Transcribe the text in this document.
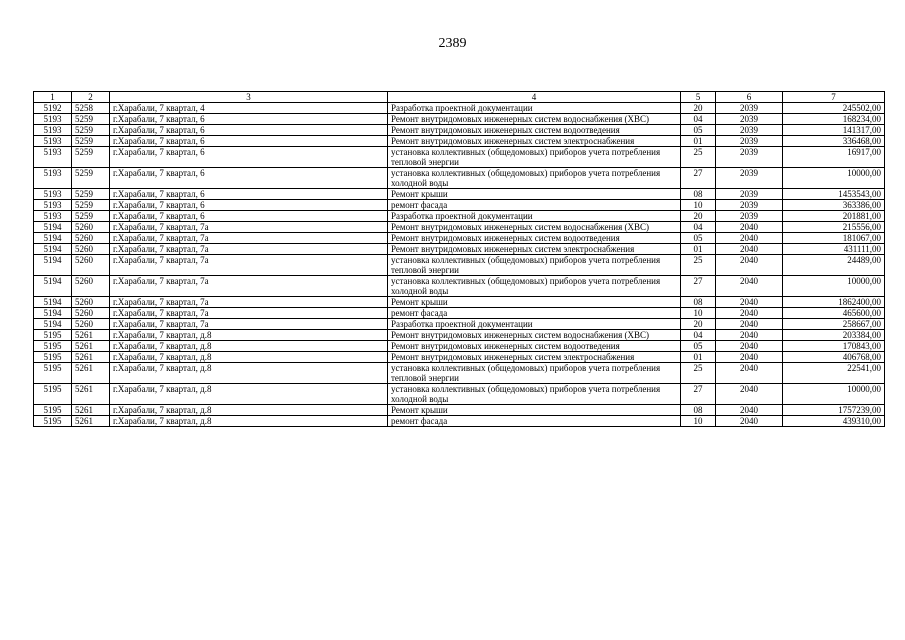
2389
1	2	3	4	5	6	7
5192	5258	г.Харабали, 7 квартал, 4	Разработка проектной документации	20	2039	245502,00
5193	5259	г.Харабали, 7 квартал, 6	Ремонт внутридомовых инженерных систем водоснабжения (ХВС)	04	2039	168234,00
5193	5259	г.Харабали, 7 квартал, 6	Ремонт внутридомовых инженерных систем водоотведения	05	2039	141317,00
5193	5259	г.Харабали, 7 квартал, 6	Ремонт внутридомовых инженерных систем электроснабжения	01	2039	336468,00
5193	5259	г.Харабали, 7 квартал, 6	установка коллективных (общедомовых) приборов учета потребления тепловой энергии	25	2039	16917,00
5193	5259	г.Харабали, 7 квартал, 6	установка коллективных (общедомовых) приборов учета потребления холодной воды	27	2039	10000,00
5193	5259	г.Харабали, 7 квартал, 6	Ремонт крыши	08	2039	1453543,00
5193	5259	г.Харабали, 7 квартал, 6	ремонт фасада	10	2039	363386,00
5193	5259	г.Харабали, 7 квартал, 6	Разработка проектной документации	20	2039	201881,00
5194	5260	г.Харабали, 7 квартал, 7а	Ремонт внутридомовых инженерных систем водоснабжения (ХВС)	04	2040	215556,00
5194	5260	г.Харабали, 7 квартал, 7а	Ремонт внутридомовых инженерных систем водоотведения	05	2040	181067,00
5194	5260	г.Харабали, 7 квартал, 7а	Ремонт внутридомовых инженерных систем электроснабжения	01	2040	431111,00
5194	5260	г.Харабали, 7 квартал, 7а	установка коллективных (общедомовых) приборов учета потребления тепловой энергии	25	2040	24489,00
5194	5260	г.Харабали, 7 квартал, 7а	установка коллективных (общедомовых) приборов учета потребления холодной воды	27	2040	10000,00
5194	5260	г.Харабали, 7 квартал, 7а	Ремонт крыши	08	2040	1862400,00
5194	5260	г.Харабали, 7 квартал, 7а	ремонт фасада	10	2040	465600,00
5194	5260	г.Харабали, 7 квартал, 7а	Разработка проектной документации	20	2040	258667,00
5195	5261	г.Харабали, 7 квартал, д.8	Ремонт внутридомовых инженерных систем водоснабжения (ХВС)	04	2040	203384,00
5195	5261	г.Харабали, 7 квартал, д.8	Ремонт внутридомовых инженерных систем водоотведения	05	2040	170843,00
5195	5261	г.Харабали, 7 квартал, д.8	Ремонт внутридомовых инженерных систем электроснабжения	01	2040	406768,00
5195	5261	г.Харабали, 7 квартал, д.8	установка коллективных (общедомовых) приборов учета потребления тепловой энергии	25	2040	22541,00
5195	5261	г.Харабали, 7 квартал, д.8	установка коллективных (общедомовых) приборов учета потребления холодной воды	27	2040	10000,00
5195	5261	г.Харабали, 7 квартал, д.8	Ремонт крыши	08	2040	1757239,00
5195	5261	г.Харабали, 7 квартал, д.8	ремонт фасада	10	2040	439310,00
